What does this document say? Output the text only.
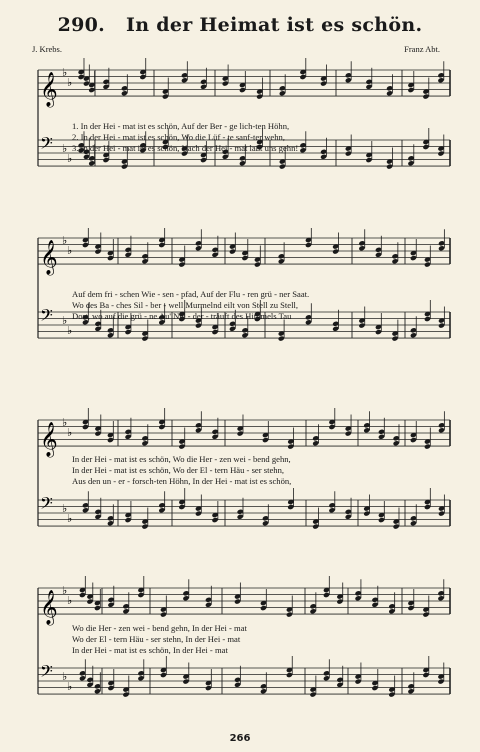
290. In der Heimat ist es schön.
J. Krebs.	Franz Abt.
𝄞 ♭
♭
𝄢 ♭
♭
1. In der Hei - mat ist es schön, Auf der Ber - ge lich-ten Höhn,
2. In der Hei - mat ist es schön, Wo die Lüf - te sanf-ter wehn,
3. In der Hei - mat ist es schön, Nach der Hei - mat laßt uns gehn!
𝄞 ♭
♭
𝄢 ♭
♭
Auf dem fri - schen Wie - sen - pfad, Auf der Flu - ren grü - ner Saat.
Wo des Ba - ches Sil - ber - well Murmelnd eilt von Stell zu Stell,
Dort, wo auf die grü - ne Au' Nie - der - träuft des Himmels Tau
𝄞 ♭
♭
𝄢 ♭
♭
In der Hei - mat ist es schön, Wo die Her - zen wei - bend gehn,
In der Hei - mat ist es schön, Wo der El - tern Häu - ser stehn,
Aus den un - er - forsch-ten Höhn, In der Hei - mat ist es schön,
𝄞 ♭
♭
𝄢 ♭
♭
Wo die Her - zen wei - bend gehn, In der Hei - mat
Wo der El - tern Häu - ser stehn, In der Hei - mat
In der Hei - mat ist es schön, In der Hei - mat
266
